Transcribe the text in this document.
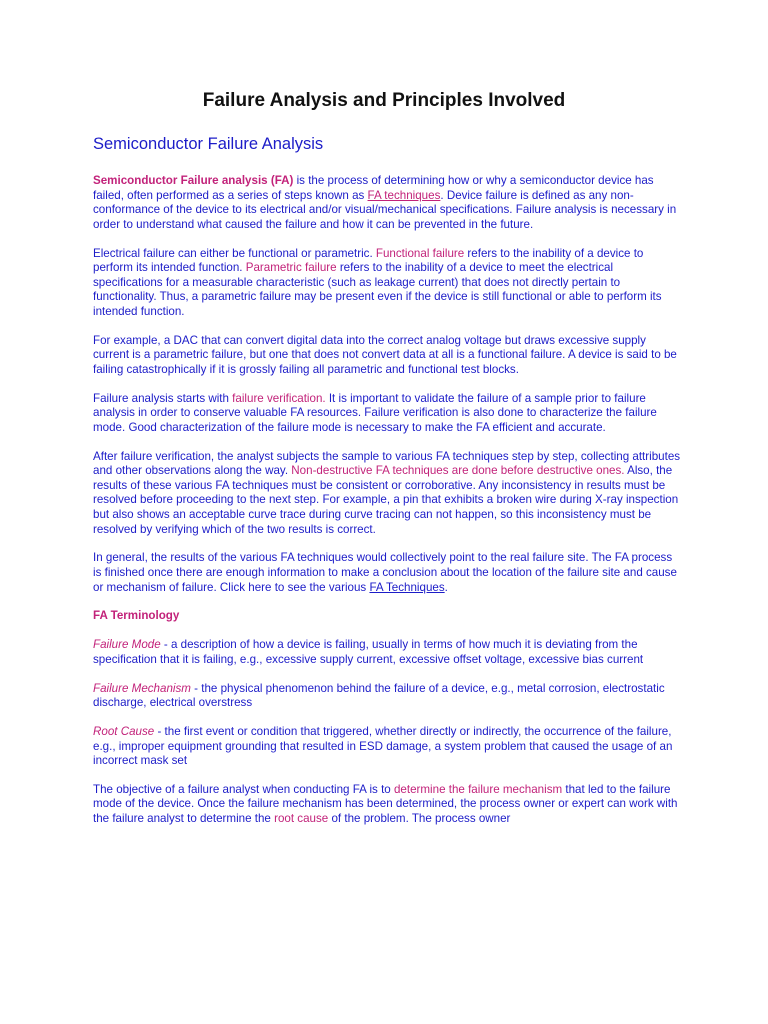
Failure Analysis and Principles Involved
Semiconductor Failure Analysis

Semiconductor Failure analysis (FA) is the process of determining how or why a semiconductor device has failed, often performed as a series of steps known as FA techniques. Device failure is defined as any non-conformance of the device to its electrical and/or visual/mechanical specifications. Failure analysis is necessary in order to understand what caused the failure and how it can be prevented in the future.

Electrical failure can either be functional or parametric. Functional failure refers to the inability of a device to perform its intended function. Parametric failure refers to the inability of a device to meet the electrical specifications for a measurable characteristic (such as leakage current) that does not directly pertain to functionality. Thus, a parametric failure may be present even if the device is still functional or able to perform its intended function.

For example, a DAC that can convert digital data into the correct analog voltage but draws excessive supply current is a parametric failure, but one that does not convert data at all is a functional failure. A device is said to be failing catastrophically if it is grossly failing all parametric and functional test blocks.

Failure analysis starts with failure verification. It is important to validate the failure of a sample prior to failure analysis in order to conserve valuable FA resources. Failure verification is also done to characterize the failure mode. Good characterization of the failure mode is necessary to make the FA efficient and accurate.

After failure verification, the analyst subjects the sample to various FA techniques step by step, collecting attributes and other observations along the way. Non-destructive FA techniques are done before destructive ones. Also, the results of these various FA techniques must be consistent or corroborative. Any inconsistency in results must be resolved before proceeding to the next step. For example, a pin that exhibits a broken wire during X-ray inspection but also shows an acceptable curve trace during curve tracing can not happen, so this inconsistency must be resolved by verifying which of the two results is correct.

In general, the results of the various FA techniques would collectively point to the real failure site. The FA process is finished once there are enough information to make a conclusion about the location of the failure site and cause or mechanism of failure. Click here to see the various FA Techniques.

FA Terminology

Failure Mode - a description of how a device is failing, usually in terms of how much it is deviating from the specification that it is failing, e.g., excessive supply current, excessive offset voltage, excessive bias current

Failure Mechanism - the physical phenomenon behind the failure of a device, e.g., metal corrosion, electrostatic discharge, electrical overstress

Root Cause - the first event or condition that triggered, whether directly or indirectly, the occurrence of the failure, e.g., improper equipment grounding that resulted in ESD damage, a system problem that caused the usage of an incorrect mask set

The objective of a failure analyst when conducting FA is to determine the failure mechanism that led to the failure mode of the device. Once the failure mechanism has been determined, the process owner or expert can work with the failure analyst to determine the root cause of the problem. The process owner
